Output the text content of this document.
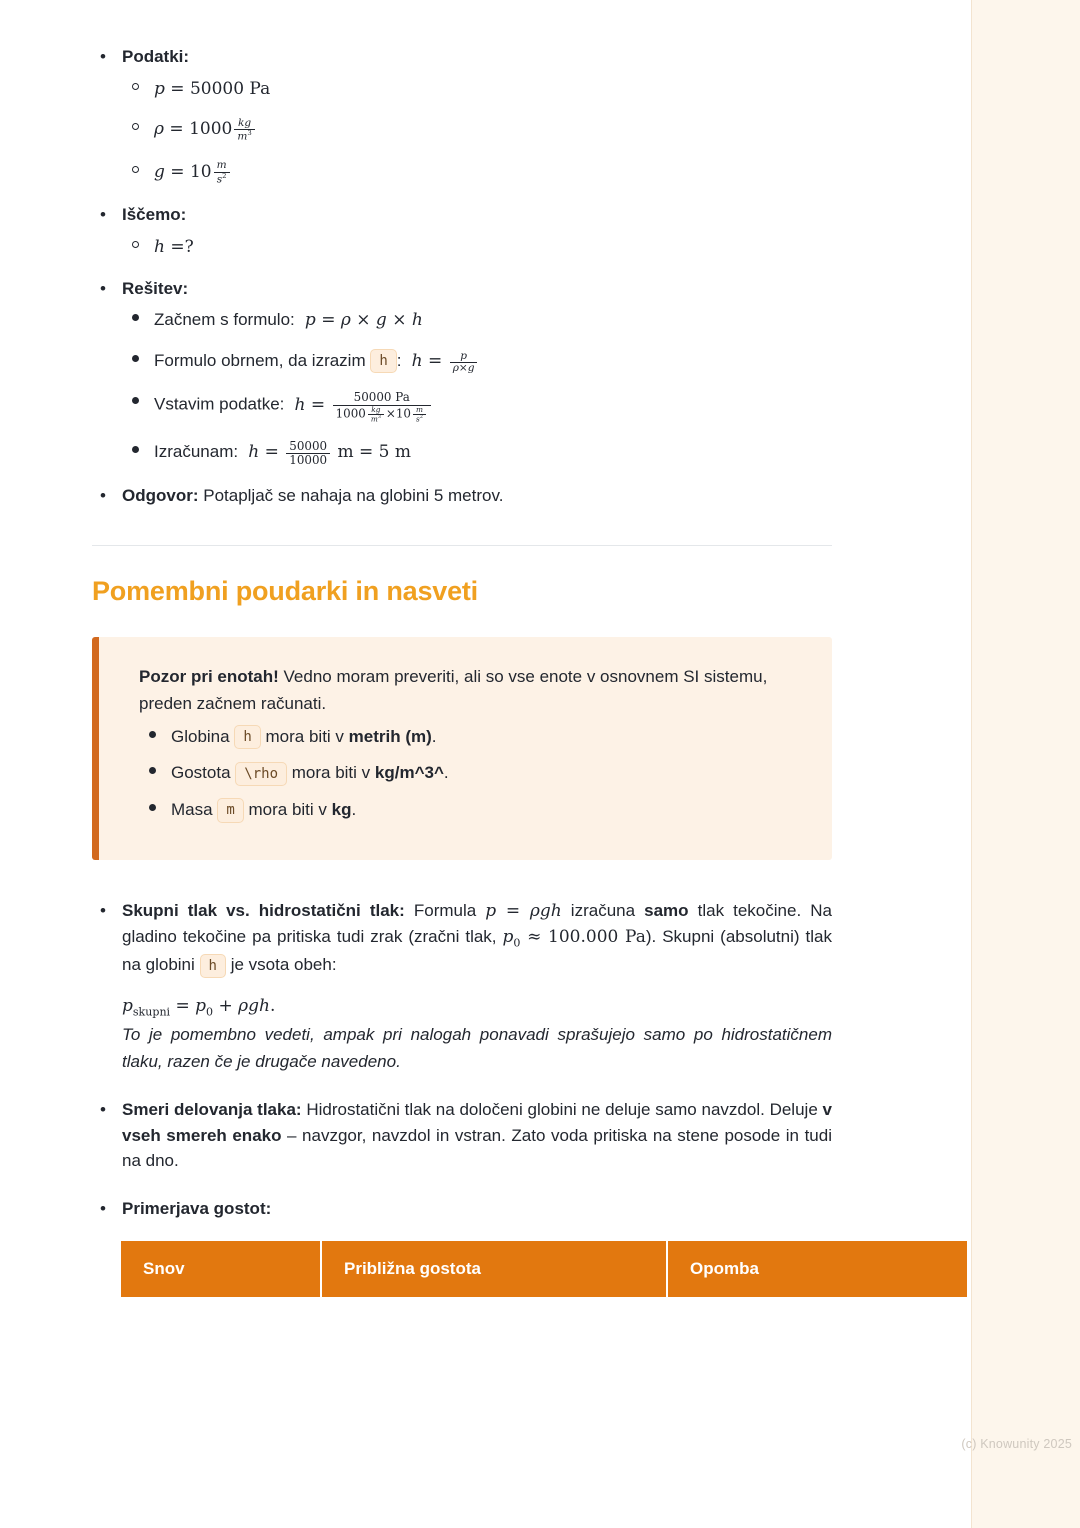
(c) Knowunity 2025
• Podatki:
p = 50000 Pa
$\rho = 1000 \frac{kg}{m^3}$
$g = 10 \frac{m}{s^2}$
• Iščemo:
h =?
• Rešitev:
Začnem s formulo: p = ρ × g × h
Formulo obrnem, da izrazim h : $h = \frac{p}{\rho\times g}$
Vstavim podatke: $h = \frac{50000 Pa}{1000 \frac{kg}{m^3} \times 10 \frac{m}{s^2}}$
Izračunam: $h = \frac{50000}{10000}$ m = 5 m
• Odgovor: Potapljač se nahaja na globini 5 metrov.
Pomembni poudarki in nasveti
Pozor pri enotah! Vedno moram preveriti, ali so vse enote v osnovnem SI sistemu, preden začnem računati.
Globina h mora biti v metrih (m).
Gostota \rho mora biti v kg/m^3^.
Masa m mora biti v kg.
• Skupni tlak vs. hidrostatični tlak: Formula p = ρgh izračuna samo tlak tekočine. Na gladino tekočine pa pritiska tudi zrak (zračni tlak, $p_0 \approx 100.000$ Pa). Skupni (absolutni) tlak na globini h je vsota obeh:
$p_{skupni} = p_0 + \rho gh$.
To je pomembno vedeti, ampak pri nalogah ponavadi sprašujejo samo po hidrostatičnem tlaku, razen če je drugače navedeno.
• Smeri delovanja tlaka: Hidrostatični tlak na določeni globini ne deluje samo navzdol. Deluje v vseh smereh enako – navzgor, navzdol in vstran. Zato voda pritiska na stene posode in tudi na dno.
• Primerjava gostot:
Snov	Približna gostota	Opomba
